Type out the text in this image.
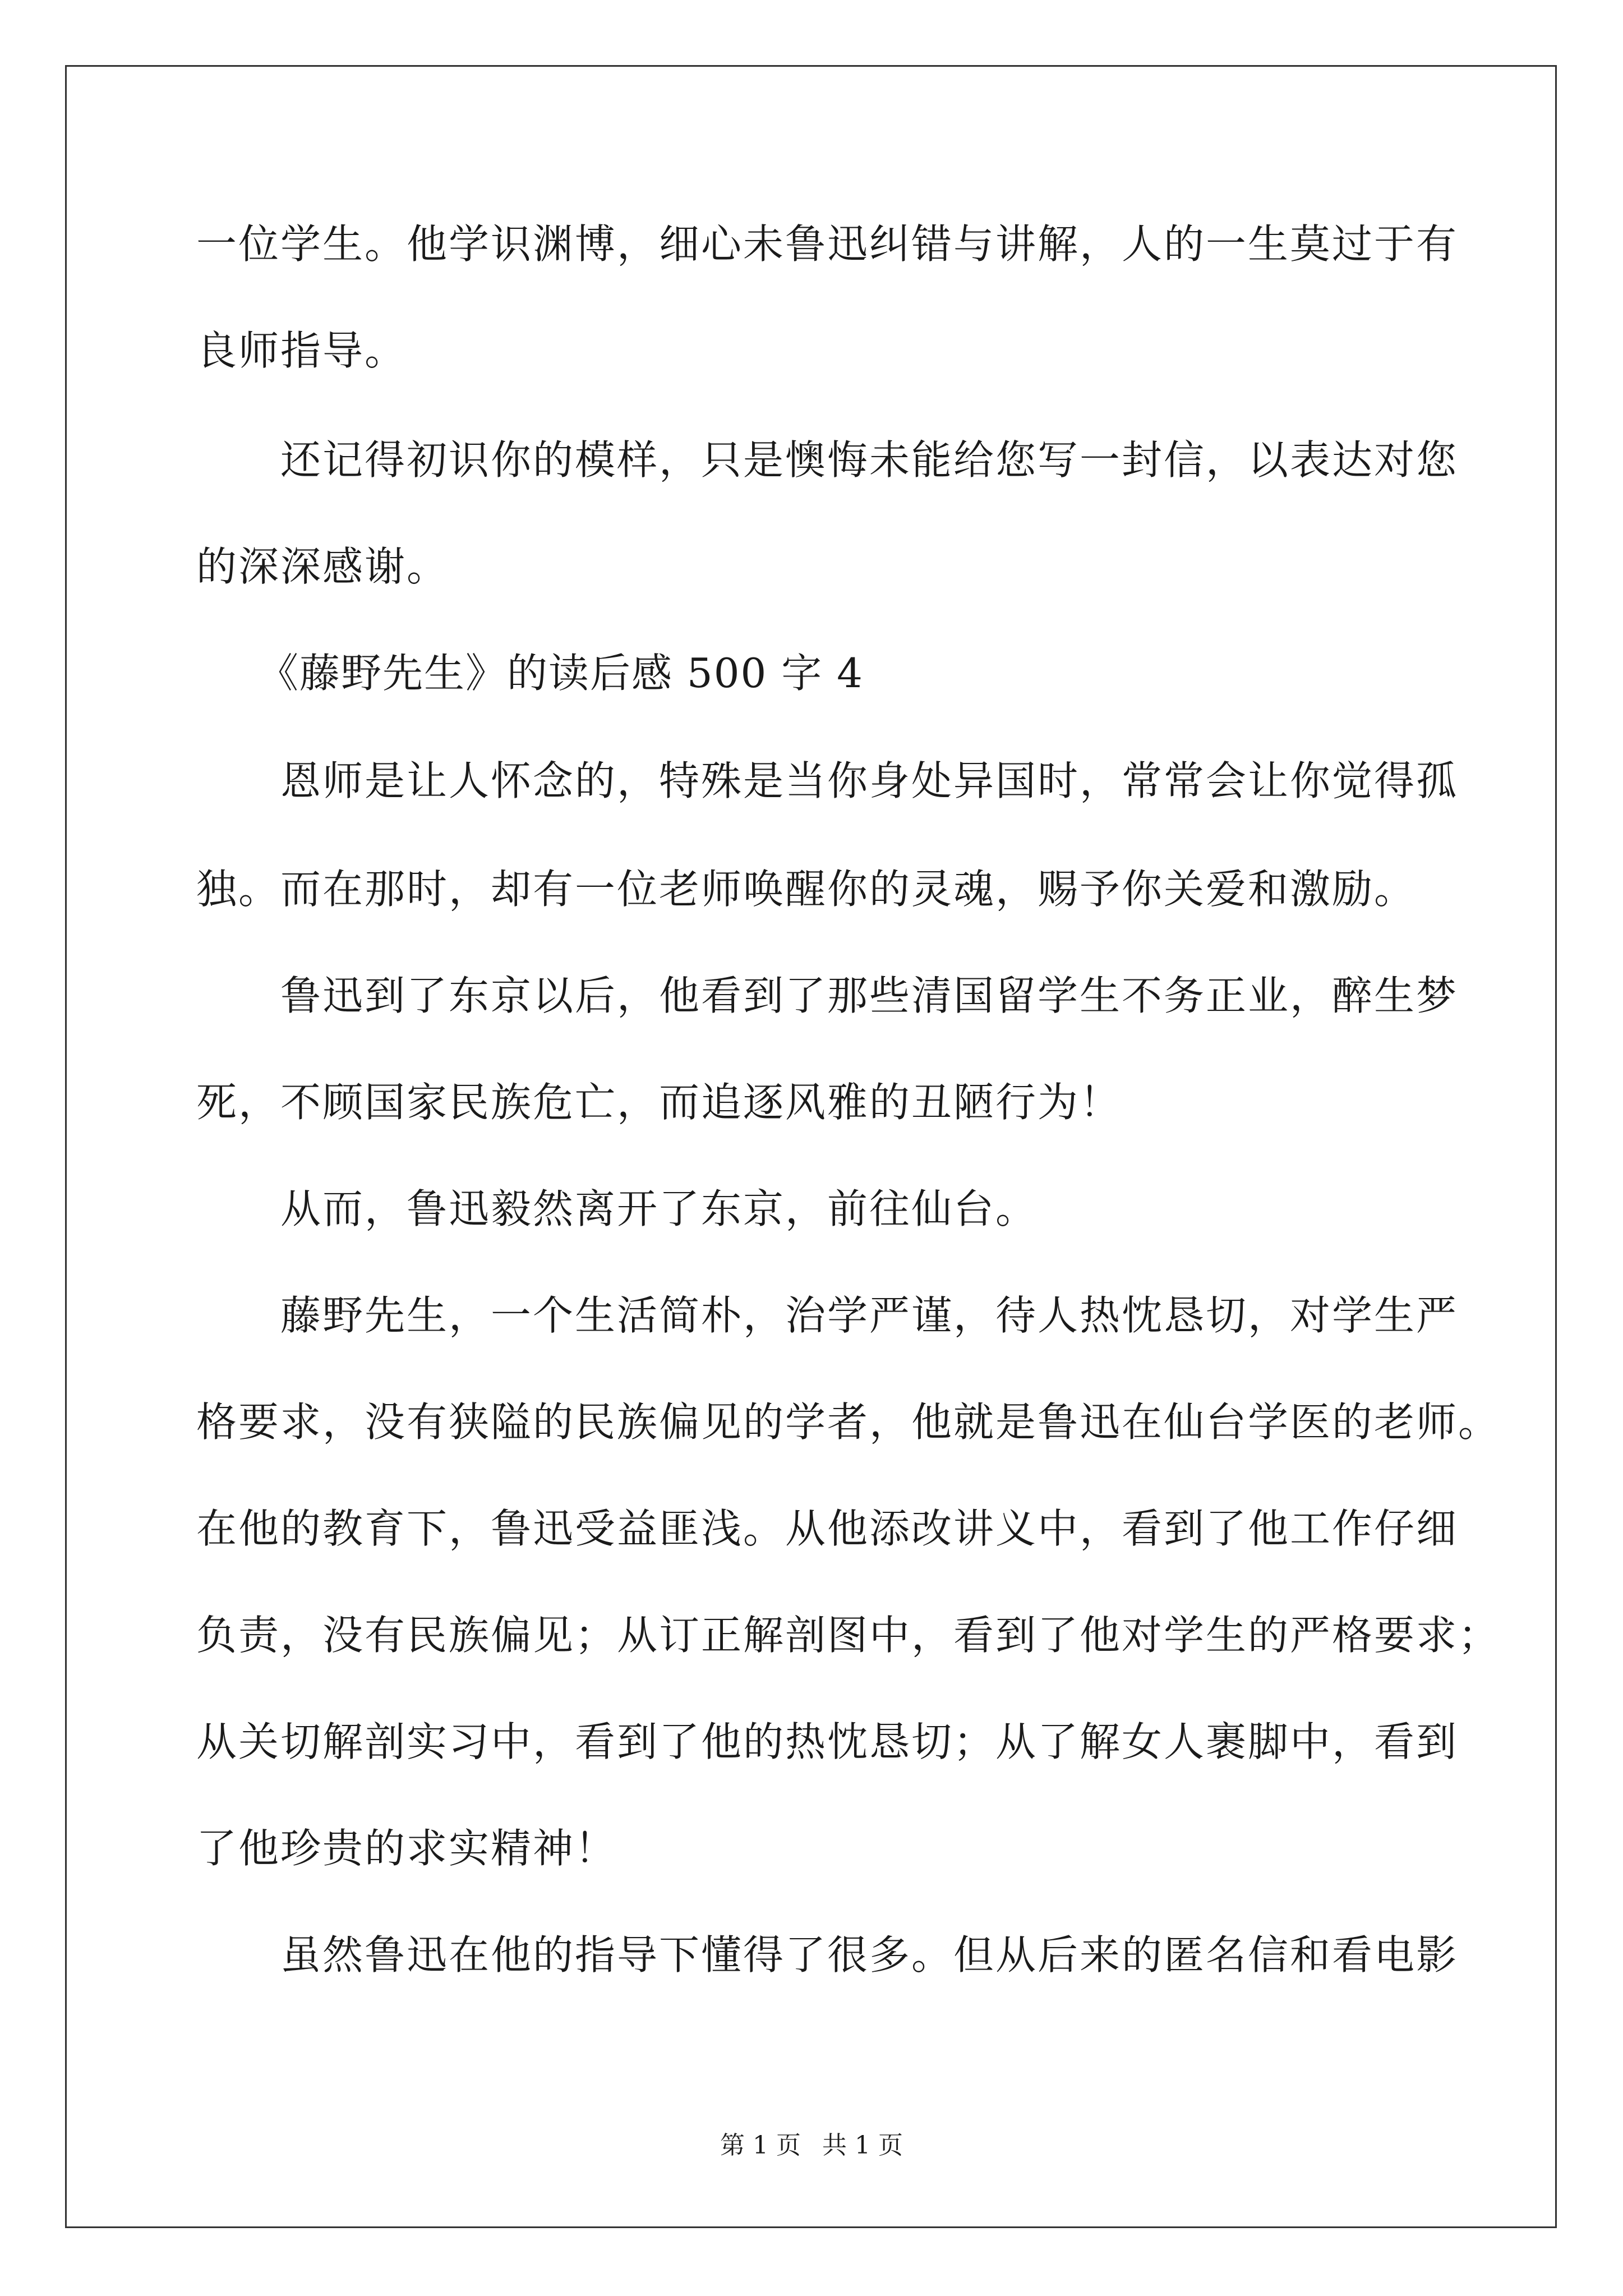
一位学生。他学识渊博，细心未鲁迅纠错与讲解，人的一生莫过于有
良师指导。
还记得初识你的模样，只是懊悔未能给您写一封信，以表达对您
的深深感谢。
《藤野先生》的读后感 500 字 4
恩师是让人怀念的，特殊是当你身处异国时，常常会让你觉得孤
独。而在那时，却有一位老师唤醒你的灵魂，赐予你关爱和激励。
鲁迅到了东京以后，他看到了那些清国留学生不务正业，醉生梦
死，不顾国家民族危亡，而追逐风雅的丑陋行为！
从而，鲁迅毅然离开了东京，前往仙台。
藤野先生，一个生活简朴，治学严谨，待人热忱恳切，对学生严
格要求，没有狭隘的民族偏见的学者，他就是鲁迅在仙台学医的老师。
在他的教育下，鲁迅受益匪浅。从他添改讲义中，看到了他工作仔细
负责，没有民族偏见；从订正解剖图中，看到了他对学生的严格要求；
从关切解剖实习中，看到了他的热忱恳切；从了解女人裹脚中，看到
了他珍贵的求实精神！
虽然鲁迅在他的指导下懂得了很多。但从后来的匿名信和看电影
第 1 页 共 1 页
